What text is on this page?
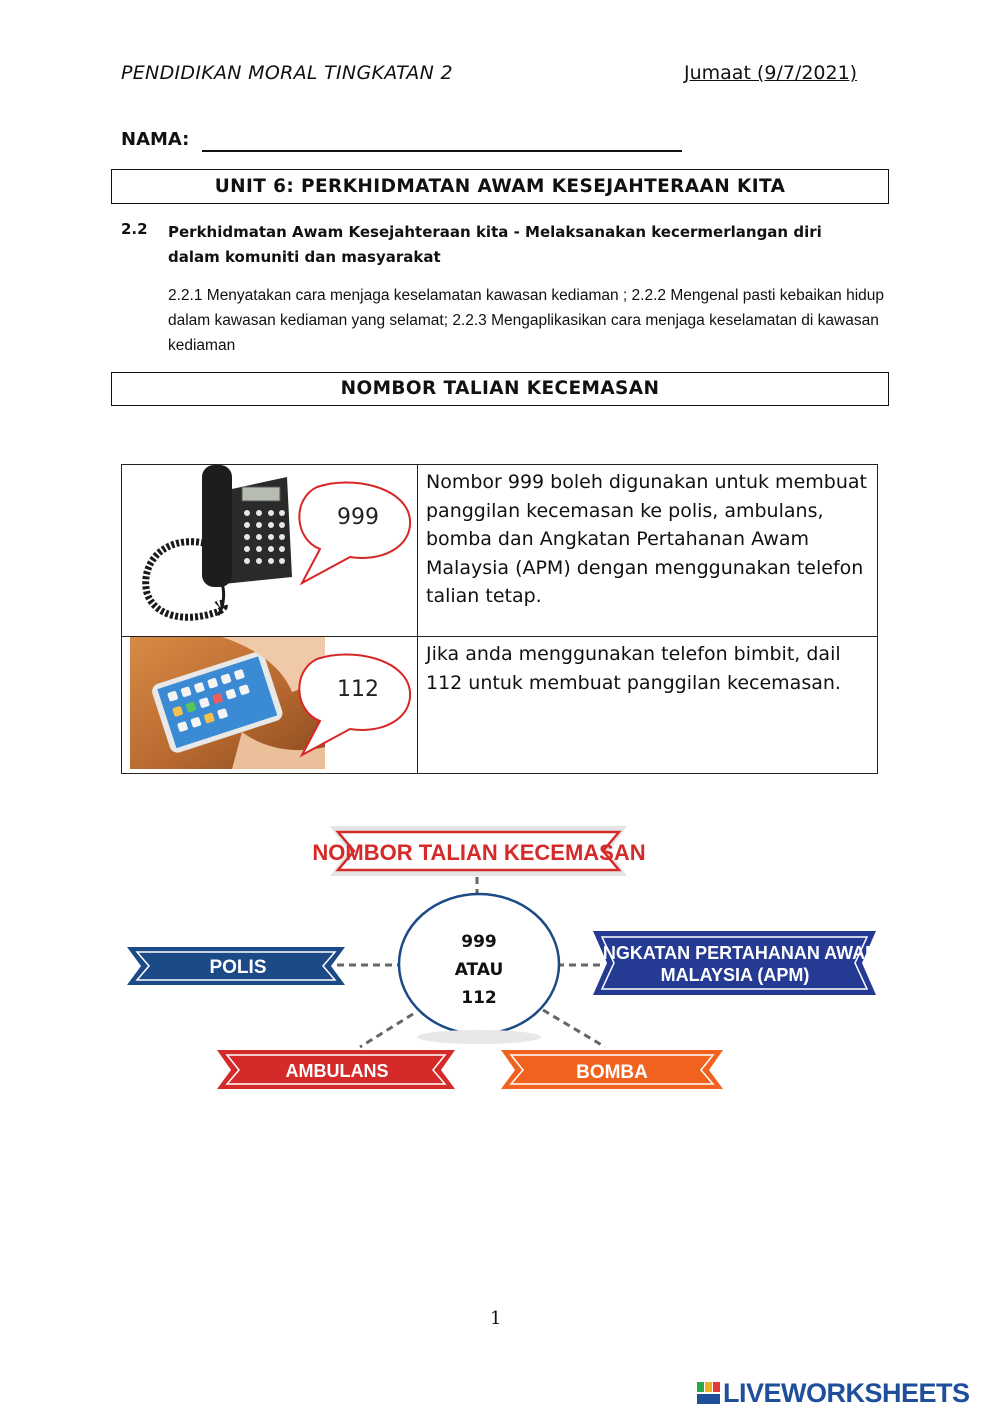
PENDIDIKAN MORAL TINGKATAN 2	Jumaat (9/7/2021)
NAMA:
UNIT 6: PERKHIDMATAN AWAM KESEJAHTERAAN KITA
2.2 Perkhidmatan Awam Kesejahteraan kita - Melaksanakan kecermerlangan diri dalam komuniti dan masyarakat
2.2.1 Menyatakan cara menjaga keselamatan kawasan kediaman ; 2.2.2 Mengenal pasti kebaikan hidup dalam kawasan kediaman yang selamat; 2.2.3 Mengaplikasikan cara menjaga keselamatan di kawasan kediaman
NOMBOR TALIAN KECEMASAN
999	Nombor 999 boleh digunakan untuk membuat panggilan kecemasan ke polis, ambulans, bomba dan Angkatan Pertahanan Awam Malaysia (APM) dengan menggunakan telefon talian tetap.

112	Jika anda menggunakan telefon bimbit, dail 112 untuk membuat panggilan kecemasan.
NOMBOR TALIAN KECEMASAN
999
ATAU
112
POLIS
ANGKATAN PERTAHANAN AWAM
MALAYSIA (APM)
AMBULANS	BOMBA
1
LIVEWORKSHEETS
